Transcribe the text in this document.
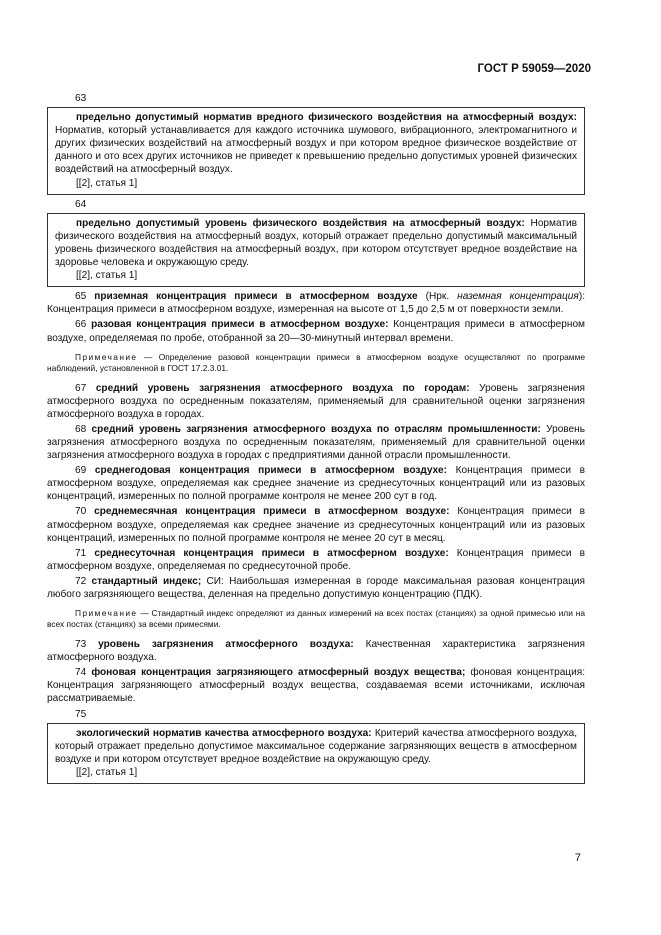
ГОСТ Р 59059—2020
63

предельно допустимый норматив вредного физического воздействия на атмосферный воздух: Норматив, который устанавливается для каждого источника шумового, вибрационного, электромагнитного и других физических воздействий на атмосферный воздух и при котором вредное физическое воздействие от данного и ото всех других источников не приведет к превышению предельно допустимых уровней физических воздействий на атмосферный воздух.

[[2], статья 1]

64

предельно допустимый уровень физического воздействия на атмосферный воздух: Норматив физического воздействия на атмосферный воздух, который отражает предельно допустимый максимальный уровень физического воздействия на атмосферный воздух, при котором отсутствует вредное воздействие на здоровье человека и окружающую среду.

[[2], статья 1]

65 приземная концентрация примеси в атмосферном воздухе (Нрк. наземная концентрация): Концентрация примеси в атмосферном воздухе, измеренная на высоте от 1,5 до 2,5 м от поверхности земли.

66 разовая концентрация примеси в атмосферном воздухе: Концентрация примеси в атмосферном воздухе, определяемая по пробе, отобранной за 20—30-минутный интервал времени.

Примечание — Определение разовой концентрации примеси в атмосферном воздухе осуществляют по программе наблюдений, установленной в ГОСТ 17.2.3.01.

67 средний уровень загрязнения атмосферного воздуха по городам: Уровень загрязнения атмосферного воздуха по осредненным показателям, применяемый для сравнительной оценки загрязнения атмосферного воздуха в городах.

68 средний уровень загрязнения атмосферного воздуха по отраслям промышленности: Уровень загрязнения атмосферного воздуха по осредненным показателям, применяемый для сравнительной оценки загрязнения атмосферного воздуха в городах с предприятиями данной отрасли промышленности.

69 среднегодовая концентрация примеси в атмосферном воздухе: Концентрация примеси в атмосферном воздухе, определяемая как среднее значение из среднесуточных концентраций или из разовых концентраций, измеренных по полной программе контроля не менее 200 сут в год.

70 среднемесячная концентрация примеси в атмосферном воздухе: Концентрация примеси в атмосферном воздухе, определяемая как среднее значение из среднесуточных концентраций или из разовых концентраций, измеренных по полной программе контроля не менее 20 сут в месяц.

71 среднесуточная концентрация примеси в атмосферном воздухе: Концентрация примеси в атмосферном воздухе, определяемая по среднесуточной пробе.

72 стандартный индекс; СИ: Наибольшая измеренная в городе максимальная разовая концентрация любого загрязняющего вещества, деленная на предельно допустимую концентрацию (ПДК).

Примечание — Стандартный индекс определяют из данных измерений на всех постах (станциях) за одной примесью или на всех постах (станциях) за всеми примесями.

73 уровень загрязнения атмосферного воздуха: Качественная характеристика загрязнения атмосферного воздуха.

74 фоновая концентрация загрязняющего атмосферный воздух вещества; фоновая концентрация: Концентрация загрязняющего атмосферный воздух вещества, создаваемая всеми источниками, исключая рассматриваемые.

75

экологический норматив качества атмосферного воздуха: Критерий качества атмосферного воздуха, который отражает предельно допустимое максимальное содержание загрязняющих веществ в атмосферном воздухе и при котором отсутствует вредное воздействие на окружающую среду.

[[2], статья 1]

7
